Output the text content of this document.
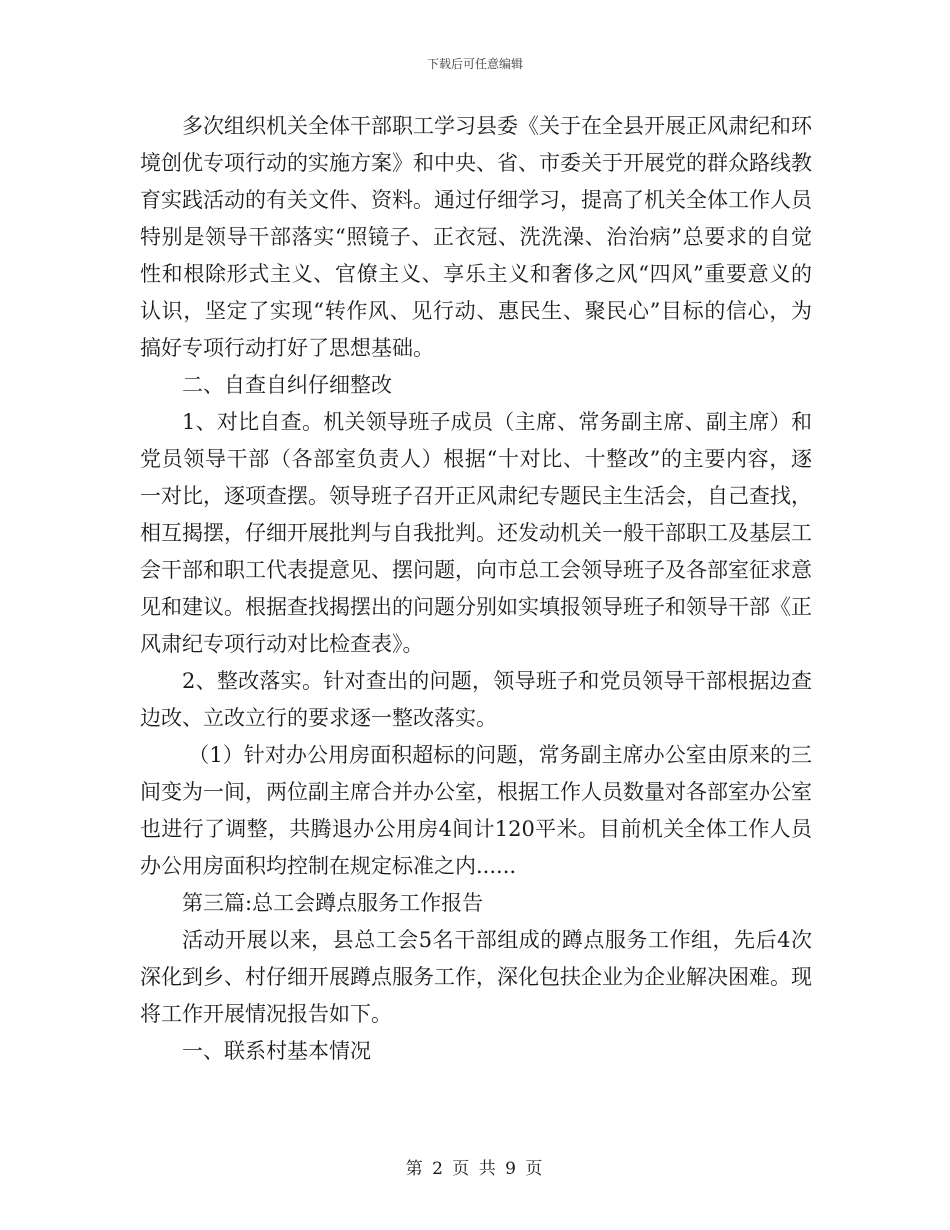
下载后可任意编辑

多次组织机关全体干部职工学习县委《关于在全县开展正风肃纪和环境创优专项行动的实施方案》和中央、省、市委关于开展党的群众路线教育实践活动的有关文件、资料。通过仔细学习，提高了机关全体工作人员特别是领导干部落实“照镜子、正衣冠、洗洗澡、治治病”总要求的自觉性和根除形式主义、官僚主义、享乐主义和奢侈之风“四风”重要意义的认识，坚定了实现“转作风、见行动、惠民生、聚民心”目标的信心，为搞好专项行动打好了思想基础。

二、自查自纠仔细整改

1、对比自查。机关领导班子成员（主席、常务副主席、副主席）和党员领导干部（各部室负责人）根据“十对比、十整改”的主要内容，逐一对比，逐项查摆。领导班子召开正风肃纪专题民主生活会，自己查找，相互揭摆，仔细开展批判与自我批判。还发动机关一般干部职工及基层工会干部和职工代表提意见、摆问题，向市总工会领导班子及各部室征求意见和建议。根据查找揭摆出的问题分别如实填报领导班子和领导干部《正风肃纪专项行动对比检查表》。

2、整改落实。针对查出的问题，领导班子和党员领导干部根据边查边改、立改立行的要求逐一整改落实。

（1）针对办公用房面积超标的问题，常务副主席办公室由原来的三间变为一间，两位副主席合并办公室，根据工作人员数量对各部室办公室也进行了调整，共腾退办公用房4间计120平米。目前机关全体工作人员办公用房面积均控制在规定标准之内......

第三篇:总工会蹲点服务工作报告

活动开展以来，县总工会5名干部组成的蹲点服务工作组，先后4次深化到乡、村仔细开展蹲点服务工作，深化包扶企业为企业解决困难。现将工作开展情况报告如下。

一、联系村基本情况

第 2 页 共 9 页
